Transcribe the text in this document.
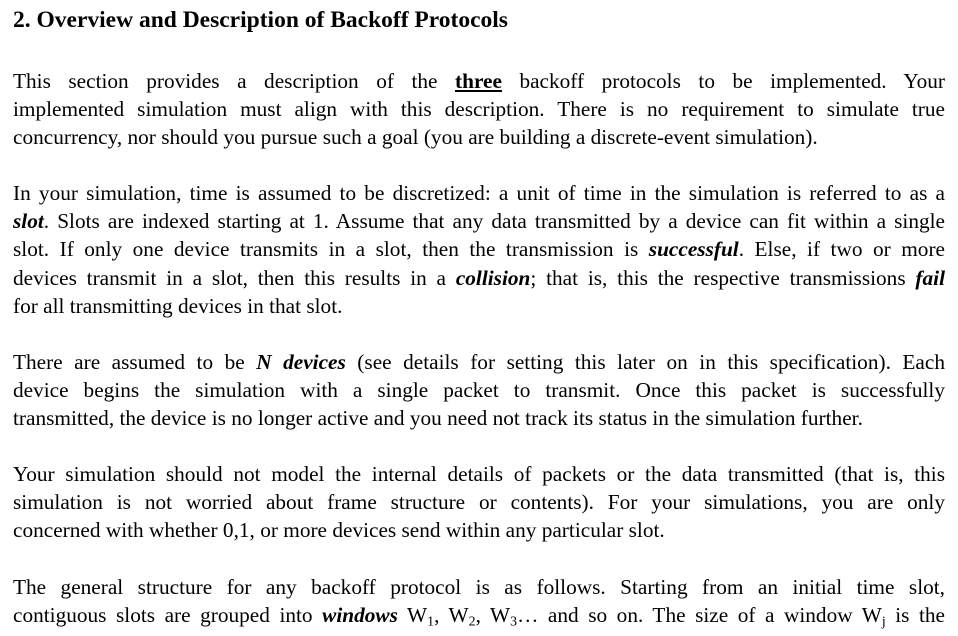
2. Overview and Description of Backoff Protocols

This section provides a description of the three backoff protocols to be implemented. Your
implemented simulation must align with this description. There is no requirement to simulate true
concurrency, nor should you pursue such a goal (you are building a discrete-event simulation).

In your simulation, time is assumed to be discretized: a unit of time in the simulation is referred to as a
slot. Slots are indexed starting at 1. Assume that any data transmitted by a device can fit within a single
slot. If only one device transmits in a slot, then the transmission is successful. Else, if two or more
devices transmit in a slot, then this results in a collision; that is, this the respective transmissions fail
for all transmitting devices in that slot.

There are assumed to be N devices (see details for setting this later on in this specification). Each
device begins the simulation with a single packet to transmit. Once this packet is successfully
transmitted, the device is no longer active and you need not track its status in the simulation further.

Your simulation should not model the internal details of packets or the data transmitted (that is, this
simulation is not worried about frame structure or contents). For your simulations, you are only
concerned with whether 0,1, or more devices send within any particular slot.

The general structure for any backoff protocol is as follows. Starting from an initial time slot,
contiguous slots are grouped into windows $W_1$, $W_2$, $W_3\dots$ and so on. The size of a window $W_j$ is the
